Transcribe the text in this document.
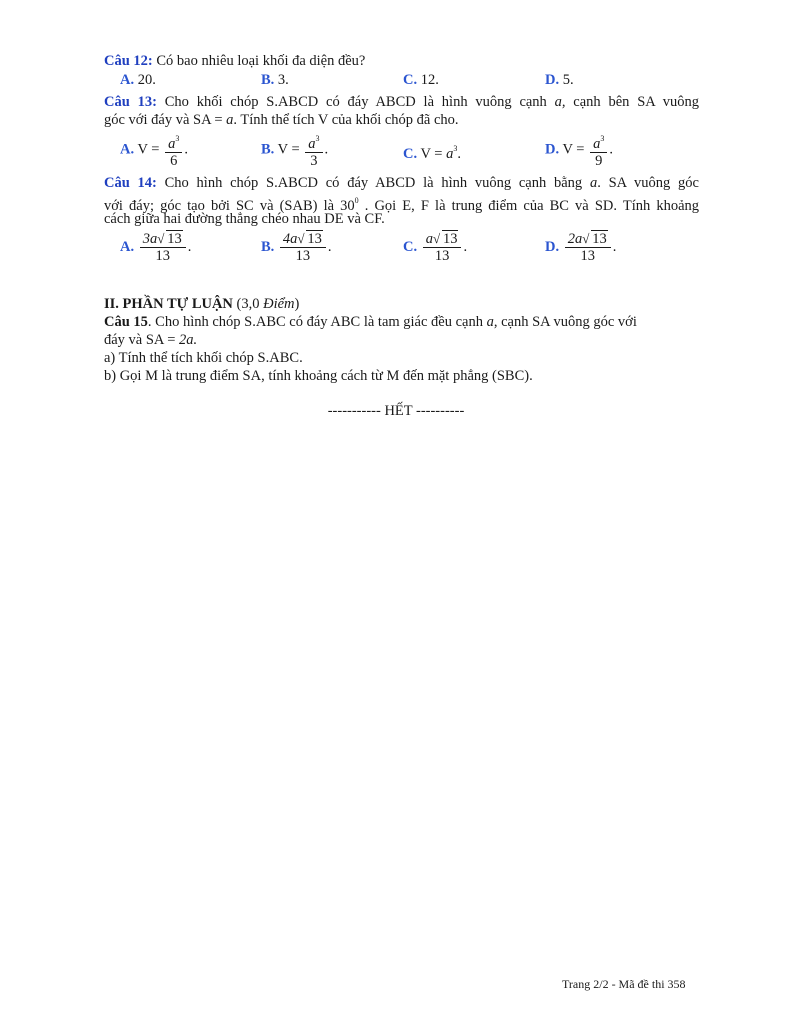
Câu 12: Có bao nhiêu loại khối đa diện đều?
A. 20.	B. 3.	C. 12.	D. 5.
Câu 13: Cho khối chóp S.ABCD có đáy ABCD là hình vuông cạnh a, cạnh bên SA vuông
góc với đáy và SA = a. Tính thể tích V của khối chóp đã cho.
A. $V = \frac{a^3}{6}$ .	B. $V = \frac{a^3}{3}$ .	C. $V = a^3$.	D. $V = \frac{a^3}{9}$ .
Câu 14: Cho hình chóp S.ABCD có đáy ABCD là hình vuông cạnh bằng a. SA vuông góc
với đáy; góc tạo bởi SC và (SAB) là $30^0$ . Gọi E, F là trung điểm của BC và SD. Tính khoảng
cách giữa hai đường thẳng chéo nhau DE và CF.
A. $\frac{3a √ 13}{13}$ .	B. $\frac{4a √ 13}{13}$ .	C. $\frac{a √ 13}{13}$ .	D. $\frac{2a √ 13}{13}$ .
II. PHẦN TỰ LUẬN (3,0 Điểm)
Câu 15. Cho hình chóp S.ABC có đáy ABC là tam giác đều cạnh a, cạnh SA vuông góc với
đáy và SA = 2a.
a) Tính thể tích khối chóp S.ABC.
b) Gọi M là trung điểm SA, tính khoảng cách từ M đến mặt phẳng (SBC).
----------- HẾT ----------
Trang 2/2 - Mã đề thi 358
